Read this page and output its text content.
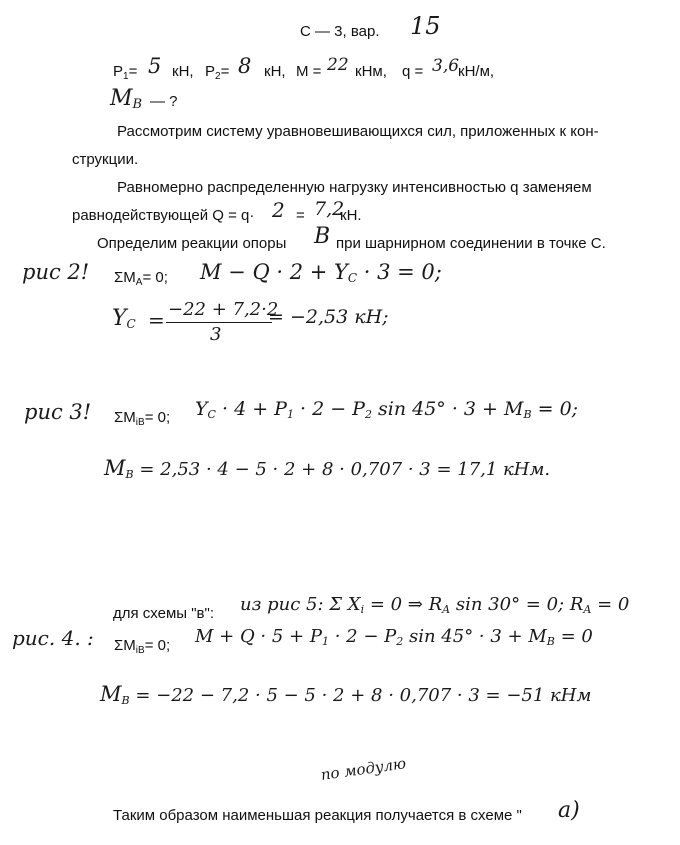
С — 3, вар. 15
$P_1= 5$ кН, $P_2= 8$ кН, M = 22 кНм, q = 3,6
кН/м,
$M_B$ — ?
Рассмотрим систему уравновешивающихся сил, приложенных к кон-
струкции.
Равномерно распределенную нагрузку интенсивностью q заменяем
равнодействующей Q = q· 2 = 7,2
кН.
Определим реакции опоры B при шарнирном соединении в точке С.
рис 2! $\Sigma M_A= 0$; $M - Q \cdot 2 + Y_C \cdot 3 = 0$;
$Y_C = -22 + 7,2\cdot 2$
3
= −2,53 кН;
рис 3! $\Sigma M_{iB}= 0$; $Y_C \cdot 4 + P_1 \cdot 2 - P_2$ $\sin 45^\circ \cdot 3 + M_B = 0$;
$M_B = 2,53 \cdot 4 - 5 \cdot 2 + 8 \cdot 0,707 \cdot 3 = 17,1$ кНм.
для схемы "в": из рис 5: Σ $X_i = 0$ ⇒ $R_A$ sin 30° = 0; $R_A = 0$
рис. 4. : $\Sigma M_{iB}= 0$; $M + Q \cdot 5 + P_1 \cdot 2 - P_2$ $\sin 45^\circ \cdot 3 + M_B = 0$
$M_B = -22 - 7,2 \cdot 5 - 5 \cdot 2 + 8 \cdot 0,707 \cdot 3 = -51$ кНм
по модулю
Таким образом наименьшая реакция получается в схеме " а)
